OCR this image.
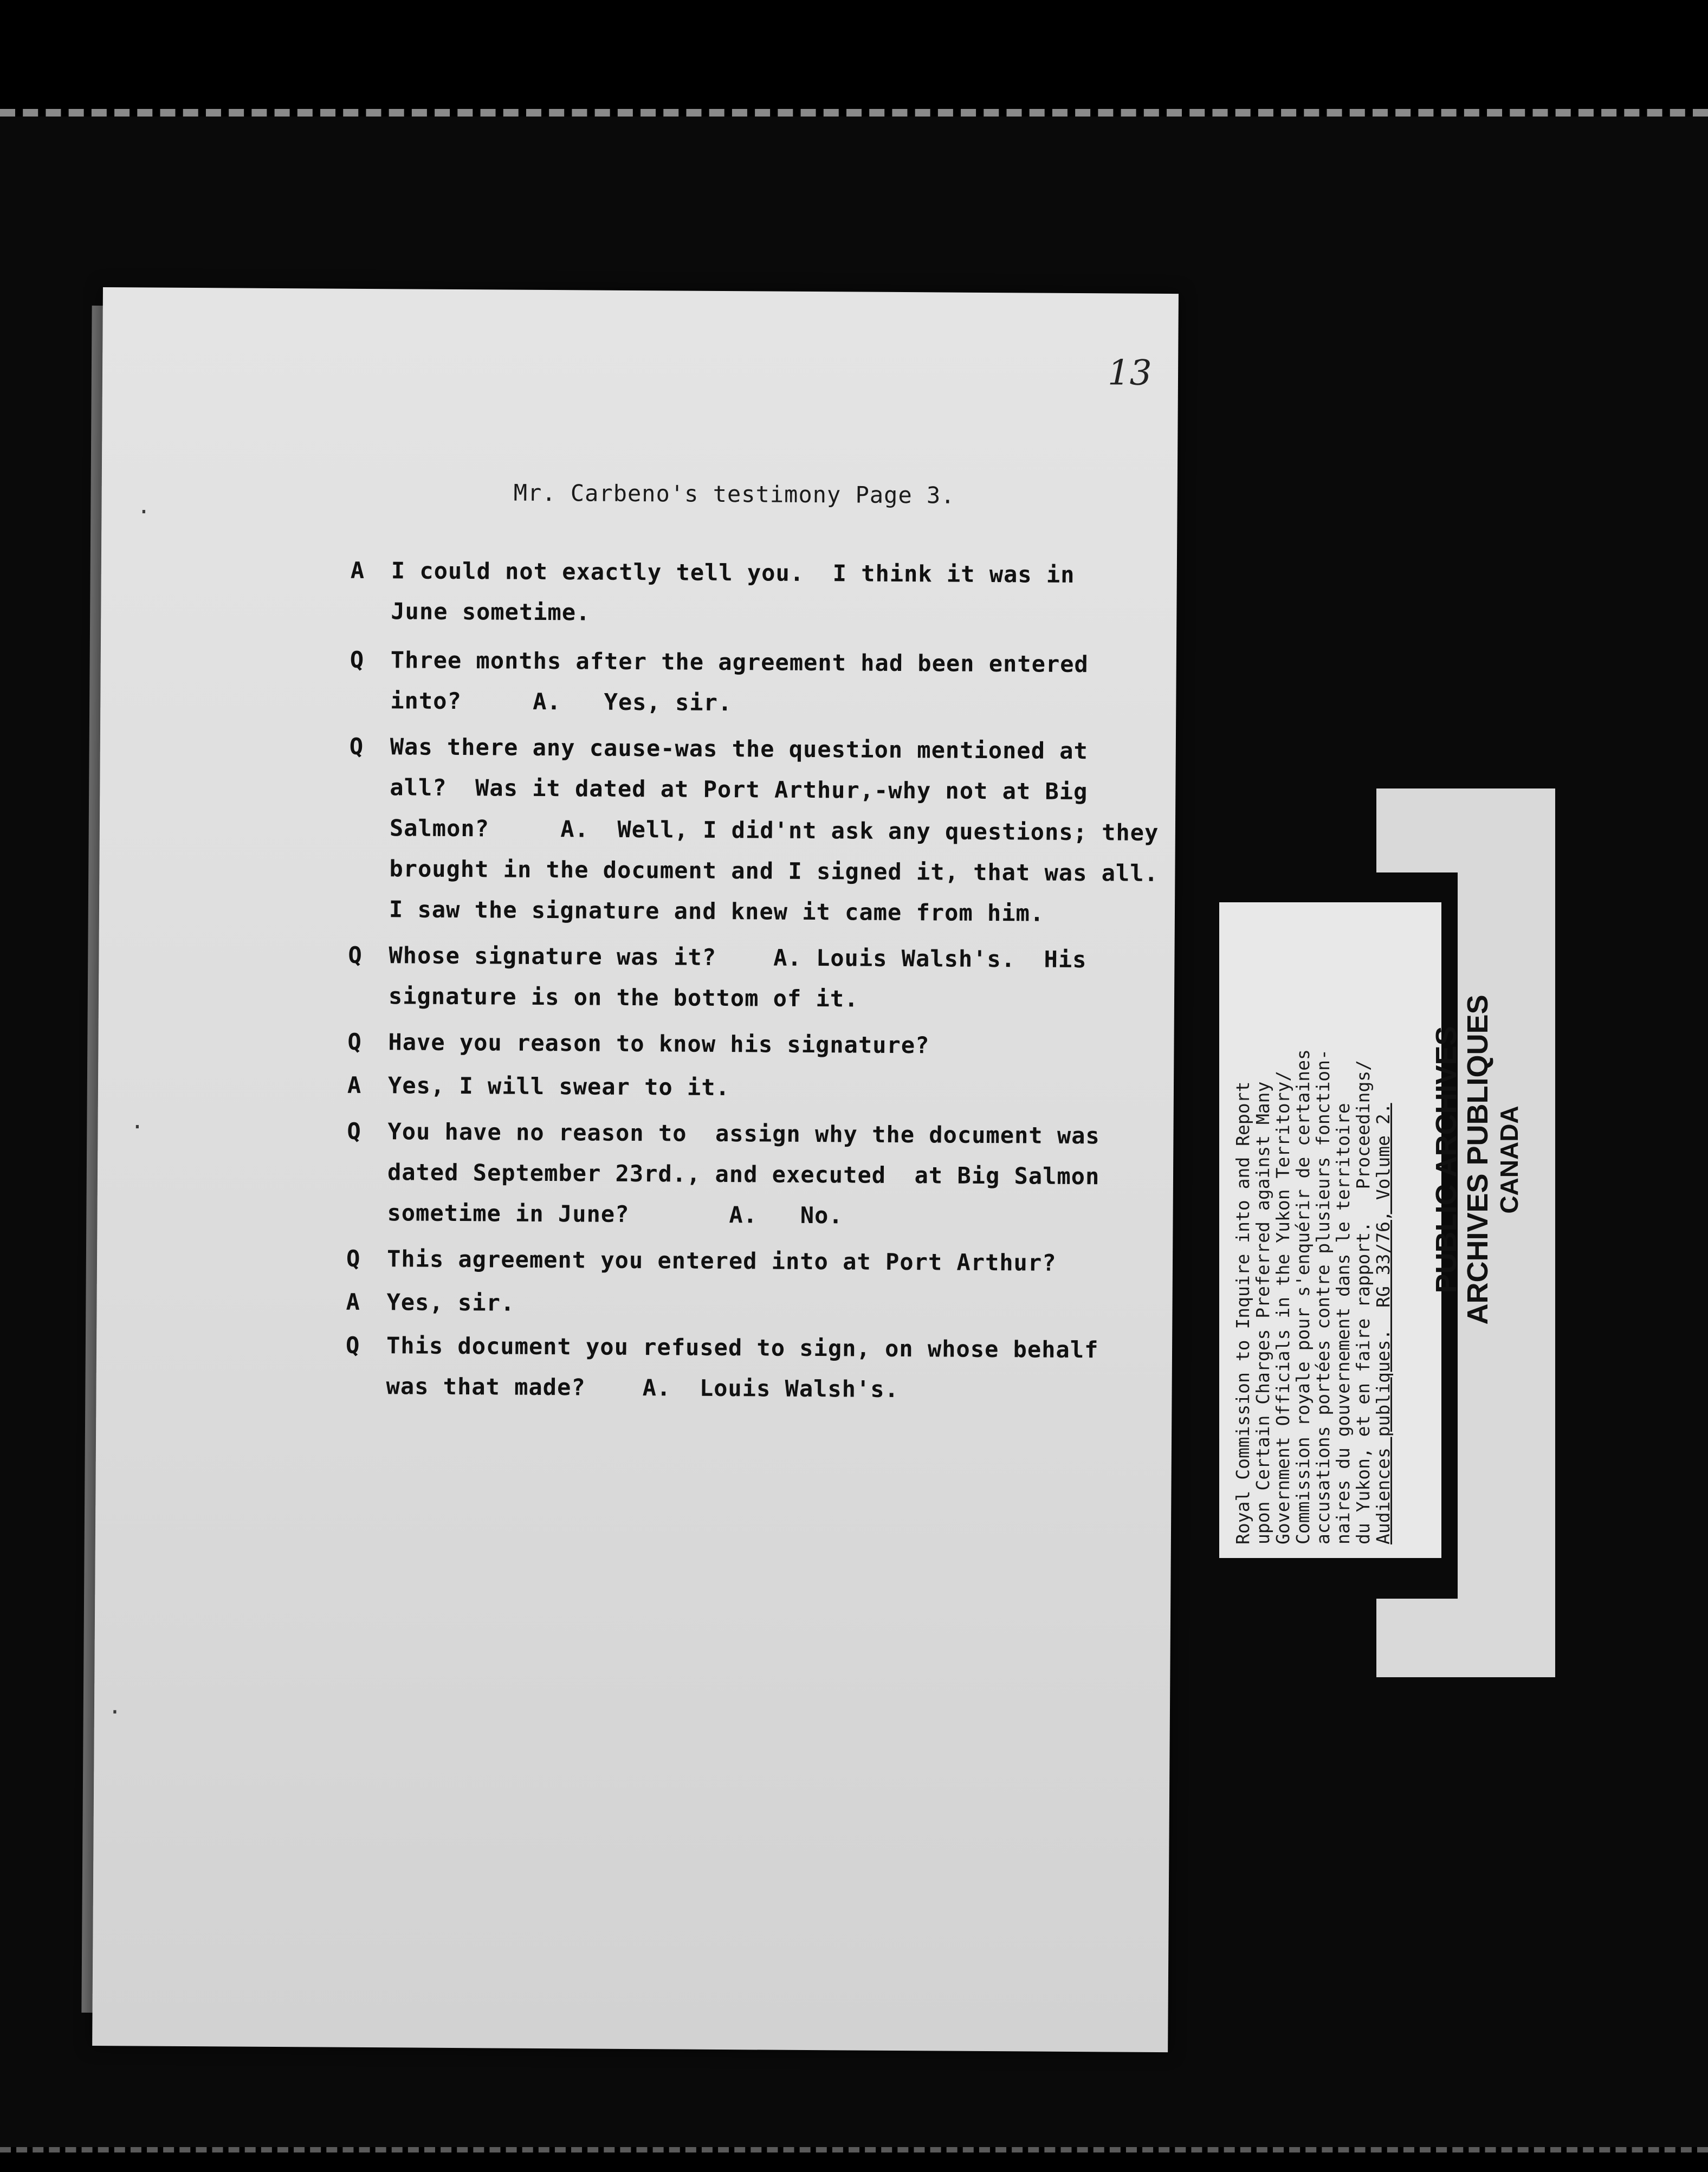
13
Mr. Carbeno's testimony Page 3.
A I could not exactly tell you.  I think it was in
June sometime.
Q Three months after the agreement had been entered
into?     A.   Yes, sir.
Q Was there any cause-was the question mentioned at
all?  Was it dated at Port Arthur,-why not at Big
Salmon?     A.  Well, I did'nt ask any questions; they
brought in the document and I signed it, that was all.
I saw the signature and knew it came from him.
Q Whose signature was it?    A. Louis Walsh's.  His
signature is on the bottom of it.
Q Have you reason to know his signature?
A Yes, I will swear to it.
Q You have no reason to  assign why the document was
dated September 23rd., and executed  at Big Salmon
sometime in June?       A.   No.
Q This agreement you entered into at Port Arthur?
A Yes, sir.
Q This document you refused to sign, on whose behalf
was that made?    A.  Louis Walsh's.
·
·
·
Royal Commission to Inquire into and Report
upon Certain Charges Preferred against Many
Government Officials in the Yukon Territory/
Commission royale pour s'enquérir de certaines
accusations portées contre plusieurs fonction-
naires du gouvernement dans le territoire
du Yukon, et en faire rapport.   Proceedings/
Audiences publiques.  RG 33/76, Volume 2. PUBLIC ARCHIVES
ARCHIVES PUBLIQUES CANADA
